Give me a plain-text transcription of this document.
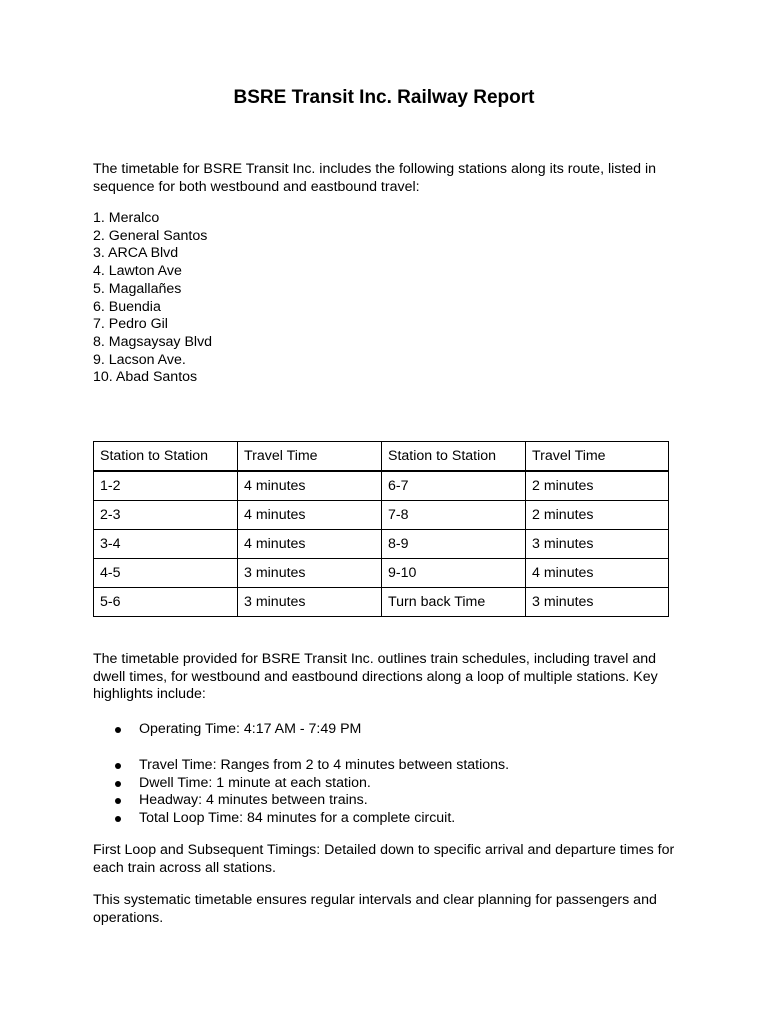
BSRE Transit Inc. Railway Report
The timetable for BSRE Transit Inc. includes the following stations along its route, listed in sequence for both westbound and eastbound travel:
1. Meralco
2. General Santos
3. ARCA Blvd
4. Lawton Ave
5. Magallañes
6. Buendia
7. Pedro Gil
8. Magsaysay Blvd
9. Lacson Ave.
10. Abad Santos
Station to Station	Travel Time	Station to Station	Travel Time
1-2	4 minutes	6-7	2 minutes
2-3	4 minutes	7-8	2 minutes
3-4	4 minutes	8-9	3 minutes
4-5	3 minutes	9-10	4 minutes
5-6	3 minutes	Turn back Time	3 minutes
The timetable provided for BSRE Transit Inc. outlines train schedules, including travel and dwell times, for westbound and eastbound directions along a loop of multiple stations. Key highlights include:
Operating Time: 4:17 AM - 7:49 PM
Travel Time: Ranges from 2 to 4 minutes between stations.
Dwell Time: 1 minute at each station.
Headway: 4 minutes between trains.
Total Loop Time: 84 minutes for a complete circuit.
First Loop and Subsequent Timings: Detailed down to specific arrival and departure times for each train across all stations.
This systematic timetable ensures regular intervals and clear planning for passengers and operations.
